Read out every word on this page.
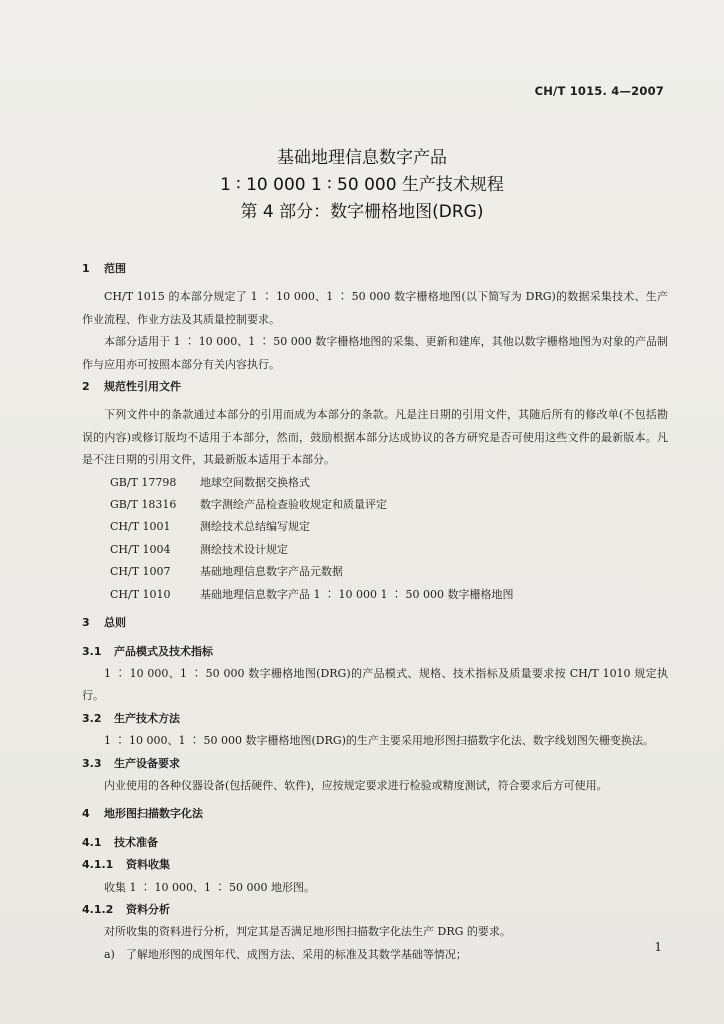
CH/T 1015. 4—2007
基础地理信息数字产品
1 ∶ 10 000 1 ∶ 50 000 生产技术规程
第 4 部分：数字栅格地图(DRG)
1 范围
CH/T 1015 的本部分规定了 1 ∶ 10 000、1 ∶ 50 000 数字栅格地图(以下简写为 DRG)的数据采集技术、生产作业流程、作业方法及其质量控制要求。
本部分适用于 1 ∶ 10 000、1 ∶ 50 000 数字栅格地图的采集、更新和建库，其他以数字栅格地图为对象的产品制作与应用亦可按照本部分有关内容执行。
2 规范性引用文件
下列文件中的条款通过本部分的引用而成为本部分的条款。凡是注日期的引用文件，其随后所有的修改单(不包括勘误的内容)或修订版均不适用于本部分，然而，鼓励根据本部分达成协议的各方研究是否可使用这些文件的最新版本。凡是不注日期的引用文件，其最新版本适用于本部分。
GB/T 17798	地球空间数据交换格式
GB/T 18316	数字测绘产品检查验收规定和质量评定
CH/T 1001	测绘技术总结编写规定
CH/T 1004	测绘技术设计规定
CH/T 1007	基础地理信息数字产品元数据
CH/T 1010	基础地理信息数字产品 1 ∶ 10 000 1 ∶ 50 000 数字栅格地图
3 总则
3.1 产品模式及技术指标
1 ∶ 10 000、1 ∶ 50 000 数字栅格地图(DRG)的产品模式、规格、技术指标及质量要求按 CH/T 1010 规定执行。
3.2 生产技术方法
1 ∶ 10 000、1 ∶ 50 000 数字栅格地图(DRG)的生产主要采用地形图扫描数字化法、数字线划图矢栅变换法。
3.3 生产设备要求
内业使用的各种仪器设备(包括硬件、软件)，应按规定要求进行检验或精度测试，符合要求后方可使用。
4 地形图扫描数字化法
4.1 技术准备
4.1.1 资料收集
收集 1 ∶ 10 000、1 ∶ 50 000 地形图。
4.1.2 资料分析
对所收集的资料进行分析，判定其是否满足地形图扫描数字化法生产 DRG 的要求。
a)　了解地形图的成图年代、成图方法、采用的标准及其数学基础等情况；
1
